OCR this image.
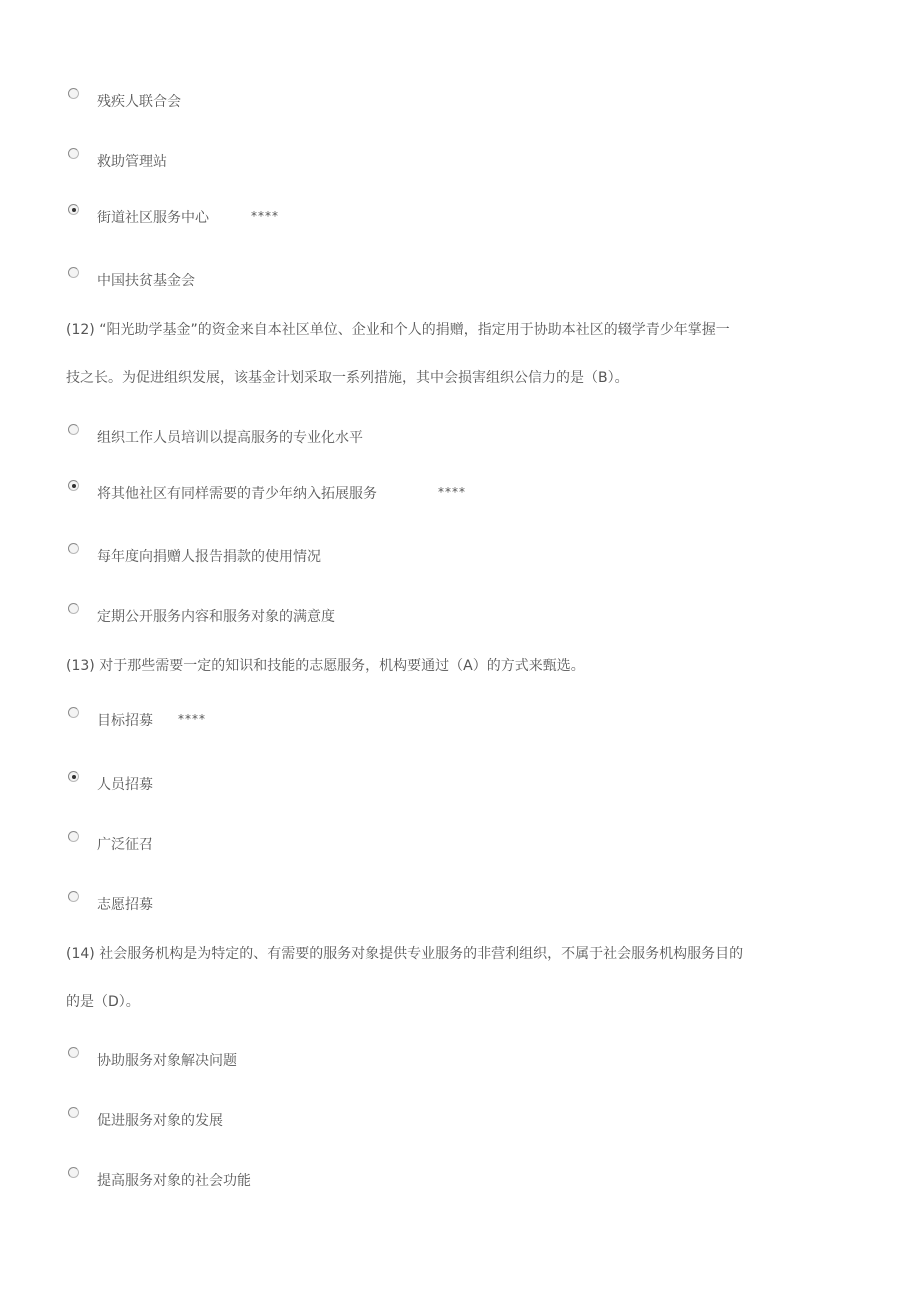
残疾人联合会
救助管理站
街道社区服务中心	****
中国扶贫基金会
(12) “阳光助学基金”的资金来自本社区单位、企业和个人的捐赠，指定用于协助本社区的辍学青少年掌握一
技之长。为促进组织发展，该基金计划采取一系列措施，其中会损害组织公信力的是（B）。
组织工作人员培训以提高服务的专业化水平
将其他社区有同样需要的青少年纳入拓展服务	****
每年度向捐赠人报告捐款的使用情况
定期公开服务内容和服务对象的满意度
(13) 对于那些需要一定的知识和技能的志愿服务，机构要通过（A）的方式来甄选。
目标招募 ****
人员招募
广泛征召
志愿招募
(14) 社会服务机构是为特定的、有需要的服务对象提供专业服务的非营利组织，不属于社会服务机构服务目的
的是（D）。
协助服务对象解决问题
促进服务对象的发展
提高服务对象的社会功能
